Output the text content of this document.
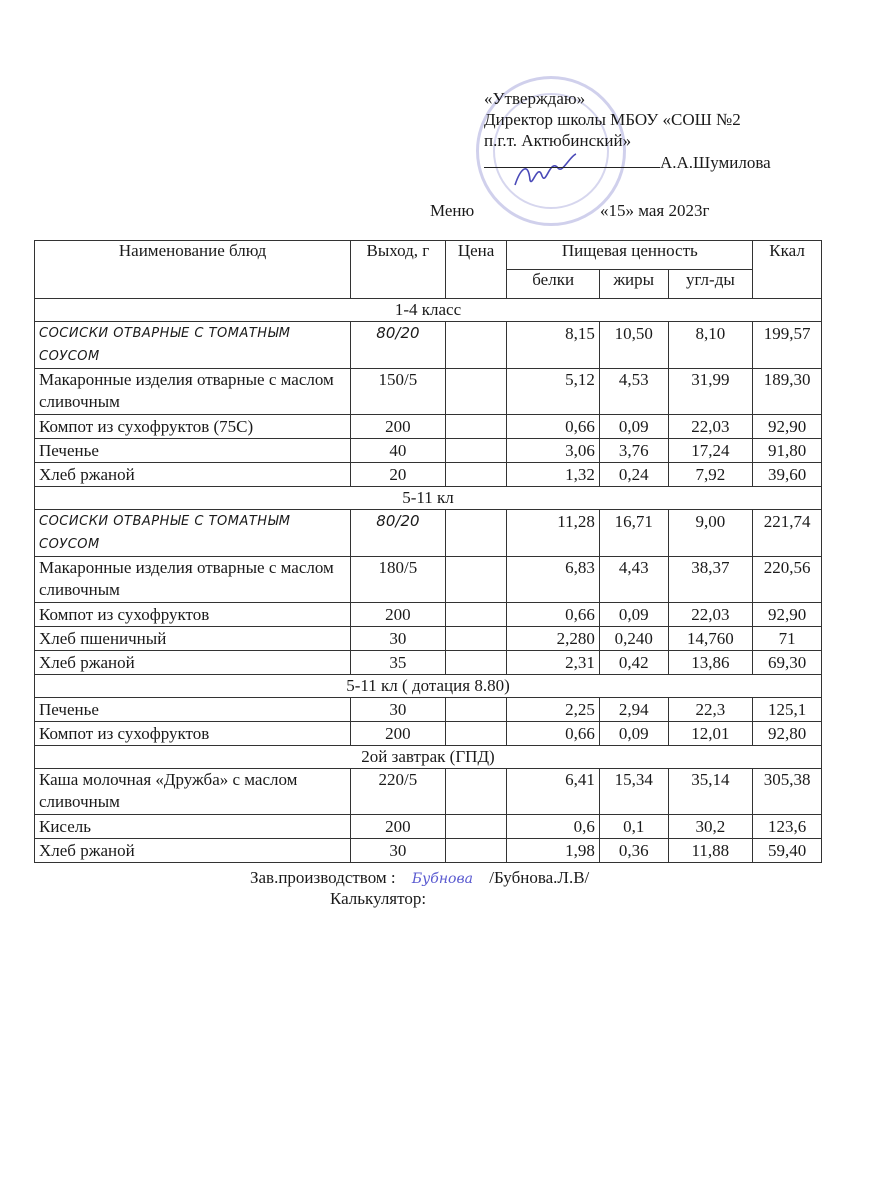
«Утверждаю»
Директор школы МБОУ «СОШ №2
п.г.т. Актюбинский»
А.А.Шумилова
Меню	«15» мая 2023г
Наименование блюд	Выход, г	Цена	Пищевая ценность			Ккал
			белки	жиры	угл-ды	
1-4 класс						
СОСИСКИ ОТВАРНЫЕ С ТОМАТНЫМ СОУСОМ	80/20		8,15	10,50	8,10	199,57
Макаронные изделия отварные с маслом сливочным	150/5		5,12	4,53	31,99	189,30
Компот из сухофруктов (75С)	200		0,66	0,09	22,03	92,90
Печенье	40		3,06	3,76	17,24	91,80
Хлеб ржаной	20		1,32	0,24	7,92	39,60
5-11 кл						
СОСИСКИ ОТВАРНЫЕ С ТОМАТНЫМ СОУСОМ	80/20		11,28	16,71	9,00	221,74
Макаронные изделия отварные с маслом сливочным	180/5		6,83	4,43	38,37	220,56
Компот из сухофруктов	200		0,66	0,09	22,03	92,90
Хлеб пшеничный	30		2,280	0,240	14,760	71
Хлеб ржаной	35		2,31	0,42	13,86	69,30
5-11 кл ( дотация 8.80)						
Печенье	30		2,25	2,94	22,3	125,1
Компот из сухофруктов	200		0,66	0,09	12,01	92,80
2ой завтрак (ГПД)						
Каша молочная «Дружба» с маслом сливочным	220/5		6,41	15,34	35,14	305,38
Кисель	200		0,6	0,1	30,2	123,6
Хлеб ржаной	30		1,98	0,36	11,88	59,40
Зав.производством : Бубнова /Бубнова.Л.В/
Калькулятор:
